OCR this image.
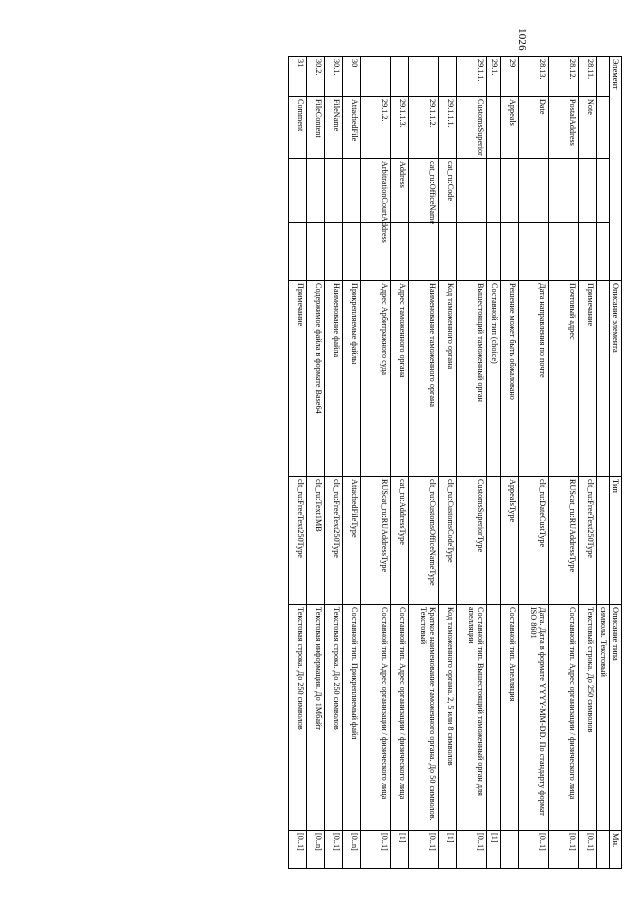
1026
Элемент				Описание элемента	Тип	Описание типа	Мн.
						символа. Текстовый	
28.11.	Note			Примечание	clt_ru:FreeText250Type	Текстовый строка. До 250 символов	[0..1]
28.12.	PostalAddress			Почтовый адрес	RUScat_ru:RUAddressType	Составной тип. Адрес организации / физического лица	[0..1]
28.13.	Date			Дата направления по почте	clt_ru:DateCustType	Дата. Дата в формате YYYY-MM-DD. По стандарту формат ISO 8601	[0..1]
29	Appeals			Решение может быть обжаловано	AppealsType	Составной тип. Апелляция	
29.1.				Составной тип (choice)			[1]
29.1.1.	CustomsSuperior			Вышестоящий таможенный орган	CustomsSuperiorType	Составной тип. Вышестоящий таможенный орган для апелляции	[0..1]
	29.1.1.1.	cat_ru:Code		Код таможенного органа	clt_ru:CustomsCodeType	Код таможенного органа. 2, 5 или 8 символов	[1]
	29.1.1.2.	cat_ru:OfficeName		Наименование таможенного органа	clt_ru:CustomsOfficeNameType	Краткое наименование таможенного органа. До 50 символов. Текстовый	[0..1]
	29.1.1.3.	Address		Адрес таможенного органа	cat_ru:AddressType	Составной тип. Адрес организации / физического лица	[1]
	29.1.2.	ArbitrationCourtAddress		Адрес Арбитражного суда	RUScat_ru:RUAddressType	Составной тип. Адрес организации / физического лица	[0..1]
30	AttachedFile			Прикрепляемые файлы	AttachedFileType	Составной тип. Прикрепляемый файл	[0..n]
30.1.	FileName			Наименование файла	clt_ru:FreeText250Type	Текстовая строка. До 250 символов	[0..1]
30.2.	FileContent			Содержимое файла в формате Base64	clt_ru:Text1MB	Текстовая информация. До 1Мбайт	[0..n]
31	Comment			Примечание	clt_ru:FreeText250Type	Текстовая строка. До 250 символов	[0..1]
